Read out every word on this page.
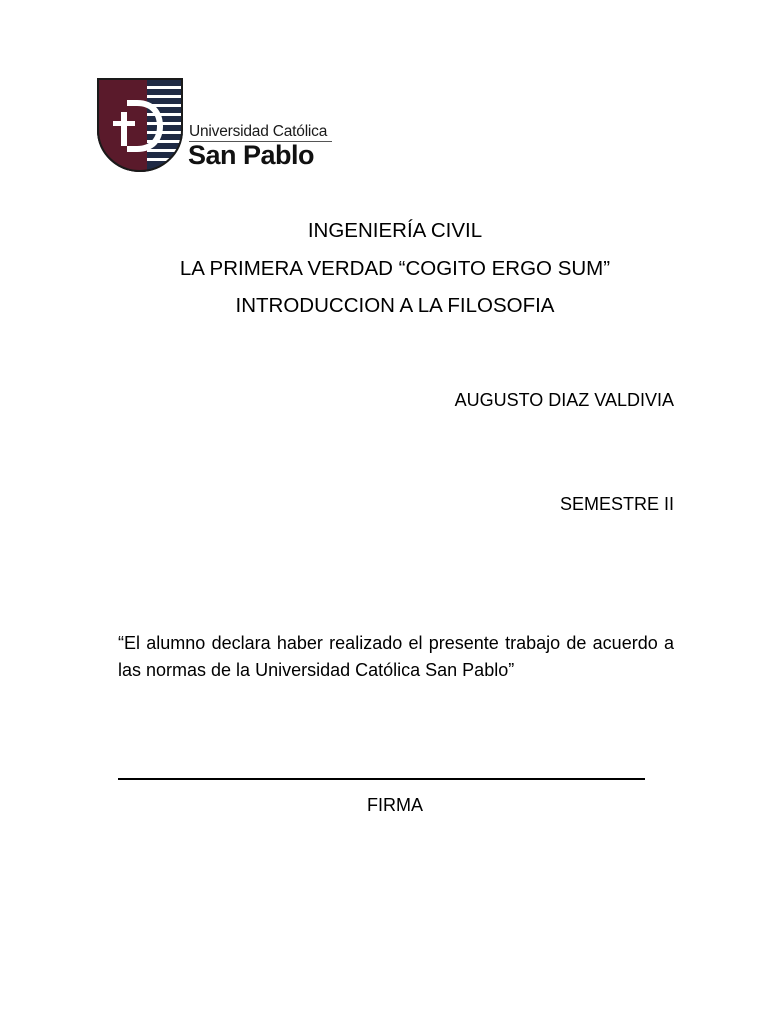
Universidad Católica
San Pablo
INGENIERÍA CIVIL
LA PRIMERA VERDAD “COGITO ERGO SUM”
INTRODUCCION A LA FILOSOFIA
AUGUSTO DIAZ VALDIVIA
SEMESTRE II
“El alumno declara haber realizado el presente trabajo de acuerdo a las normas de la Universidad Católica San Pablo”
FIRMA
